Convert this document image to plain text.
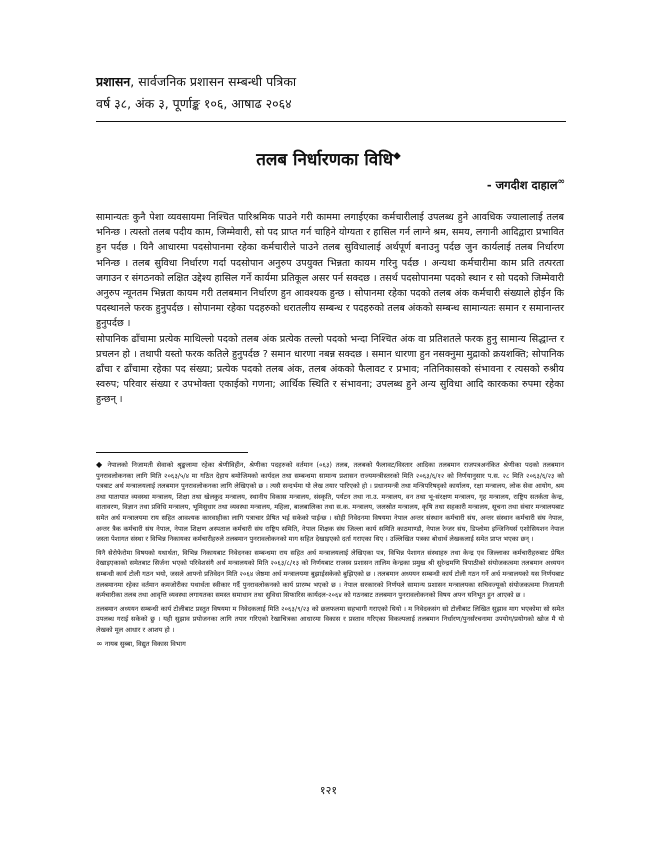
प्रशासन, सार्वजनिक प्रशासन सम्बन्धी पत्रिका
वर्ष ३८, अंक ३, पूर्णाङ्क १०६, आषाढ २०६४
तलब निर्धारणका विधि◆
- जगदीश दाहाल∞

सामान्यतः कुनै पेशा व्यवसायमा निश्चित पारिश्रमिक पाउने गरी काममा लगाईएका कर्मचारीलाई उपलब्ध हुने आवधिक ज्यालालाई तलब भनिन्छ । त्यस्तो तलब पदीय काम, जिम्मेवारी, सो पद प्राप्त गर्न चाहिने योग्यता र हासिल गर्न लाग्ने श्रम, समय, लगानी आदिद्वारा प्रभावित हुन पर्दछ । यिनै आधारमा पदसोपानमा रहेका कर्मचारीले पाउने तलब सुविधालाई अर्थपूर्ण बनाउनु पर्दछ जुन कार्यलाई तलब निर्धारण भनिन्छ । तलब सुविधा निर्धारण गर्दा पदसोपान अनुरुप उपयुक्त भिन्नता कायम गरिनु पर्दछ । अन्यथा कर्मचारीमा काम प्रति तत्परता जगाउन र संगठनको लक्षित उद्देश्य हासिल गर्ने कार्यमा प्रतिकूल असर पर्न सक्दछ । तसर्थ पदसोपानमा पदको स्थान र सो पदको जिम्मेवारी अनुरुप न्यूनतम भिन्नता कायम गरी तलबमान निर्धारण हुन आवश्यक हुन्छ । सोपानमा रहेका पदको तलब अंक कर्मचारी संख्याले होईन कि पदस्थानले फरक हुनुपर्दछ । सोपानमा रहेका पदहरुको धरातलीय सम्बन्ध र पदहरुको तलब अंकको सम्बन्ध सामान्यतः समान र समानान्तर हुनुपर्दछ ।

सोपानिक ढाँचामा प्रत्येक माथिल्लो पदको तलब अंक प्रत्येक तल्लो पदको भन्दा निश्चित अंक वा प्रतिशतले फरक हुनु सामान्य सिद्धान्त र प्रचलन हो । तथापी यस्तो फरक कतिले हुनुपर्दछ ? समान धारणा नबन्न सक्दछ । समान धारणा हुन नसक्नुमा मुद्राको क्रयशक्ति; सोपानिक ढाँचा र ढाँचामा रहेका पद संख्या; प्रत्येक पदको तलब अंक, तलब अंकको फैलावट र प्रभाव; नतिनिकासको संभावना र त्यसको रुश्रीय स्वरुप; परिवार संख्या र उपभोक्ता एकाईको गणना; आर्थिक स्थिति र संभावना; उपलब्ध हुने अन्य सुविधा आदि कारकका रुपमा रहेका हुन्छन् ।

◆ नेपालको निजामती सेवाको श्रृङ्खलामा रहेका श्रेणीविहीन, श्रेणीका पदहरुको वर्तमान (०६३) तलब, तलबको फैलावट/विस्तार आदिका तलबमान राजपत्रअनंकित श्रेणीका पदको तलबमान पुनरावलोकनका लागि मिति २०६३/५/४ मा गठित देहाय बमोजिमको कार्यदल तथा सम्बन्धमा सामान्य प्रशासन राज्यमन्त्रीस्तरको मिति २०६३/६/१२ को निर्णयानुसार प.स. २८ मिति २०६३/६/२३ को पत्रबाट अर्थ मन्त्रालयलाई तलबमान पुनरावलोकनका लागि लेखिएको छ । त्यसै सन्दर्भमा यो लेख तयार पारिएको हो । प्रधानमन्त्री तथा मन्त्रिपरिषद्को कार्यालय, रक्षा मन्त्रालय, लोक सेवा आयोग, श्रम तथा यातायात व्यवस्था मन्त्रालय, शिक्षा तथा खेलकुद मन्त्रालय, स्थानीय विकास मन्त्रालय, संस्कृति, पर्यटन तथा ना.उ. मन्त्रालय, वन तथा भू-संरक्षण मन्त्रालय, गृह मन्त्रालय, राष्ट्रिय सतर्कता केन्द्र, वातावरण, विज्ञान तथा प्रविधि मन्त्रालय, भूमिसुधार तथा व्यवस्था मन्त्रालय, महिला, बालबालिका तथा स.क. मन्त्रालय, जलस्रोत मन्त्रालय, कृषि तथा सहकारी मन्त्रालय, सूचना तथा संचार मन्त्रालयबाट समेत अर्थ मन्त्रालयमा राय सहित आवश्यक कारवाहीका लागि पत्राचार प्रेषित भई सकेको पाईन्छ । सोही निवेदनमा विषयमा नेपाल अन्तर संस्थान कर्मचारी संघ, अन्तर संस्थान कर्मचारी संघ नेपाल, अन्तर त्रैक कर्मचारी संघ नेपाल, नेपाल शिक्षण अस्पताल कर्मचारी संघ राष्ट्रिय समिति, नेपाल शिक्षक संघ जिल्ला कार्य समिति काठमाण्डौ, नेपाल रेन्जर संघ, डिप्लोमा इन्जिनियर्स एशोसियशन नेपाल जस्ता पेशागत संस्था र विभिन्न निकायका कर्मचारीहरुले तलबमान पुनरावलोकनको माग सहित देखाइएको दर्ता गराएका थिए । उल्लिखित पत्रका बोधार्थ लेखकलाई समेत प्राप्त भएका छन् ।

यिनै सेरोफेरोमा विषयको यथार्थता, विभिन्न निकायबाट निवेदनका सम्बन्धमा राय सहित अर्थ मन्त्रालयलाई लेखिएका पत्र, विभिन्न पेशागत संस्थाहरु तथा केन्द्र एव जिल्लाका कर्मचारीहरुबाट प्रेषित देखाइएकाको समेतबाट सिर्जना भएको परिवेशसंगै अर्थ मन्त्रालयको मिति २०६३/८/१३ को निर्णयबाट राजस्व प्रशासन तालिम केन्द्रका प्रमुख श्री सुरेन्द्रमणि त्रिपाठीको संयोजकत्वमा तलबमान अध्ययन सम्बन्धी कार्य टोली गठन भयो, जसले आफ्नो प्रतिवेदन मिति २०६४ जेष्ठमा अर्थ मन्त्रालयमा बुझाईसकेको बुझिएको छ । तलबमान अध्ययन सम्बन्धी कार्य टोली गठन गर्ने अर्थ मन्त्रालयको यस निर्णयबाट तलबमानमा रहेका वर्तमान कमजोरीका यथार्थता स्वीकार गर्दै पुनरावलोकनको कार्य प्रारम्भ भएको छ । नेपाल सरकारको निर्णयले सामान्य प्रशासन मन्त्रालयका सचिवज्यूको संयोजकत्वमा निजामती कर्मचारीका तलब तथा आवृत्ति व्यवस्था लगायतका समस्त समाधान तथा सुविधा सिफारिस कार्यदल-२०६४ को गठनबाट तलबमान पुनरावलोकनको विषय अफ्न घनिभूत हुन आएको छ ।

तलबमान अध्ययन सम्बन्धी कार्य टोलीबाट प्रस्तुत विषयमा म निवेदकलाई मिति २०६३/९/२३ को छलफलमा सहभागी गराएको थियो । म निवेदकसंग सो टोलीबाट लिखित सुझाव माग भएकोमा सो समेत उपलब्ध गराई सकेको छु । यही सुझाव प्रयोजनका लागि तयार गरिएको रेखाचित्रका आधारमा विकास र प्रस्ताव गरिएका विकल्पलाई तलबमान निर्धारण/पुनर्संरचनामा उपयोग/प्रयोगको खोज मै यो लेखको मूल आधार र आशय हो ।

∞ नायब सुब्बा, विद्युत विकास विभाग

१२१
